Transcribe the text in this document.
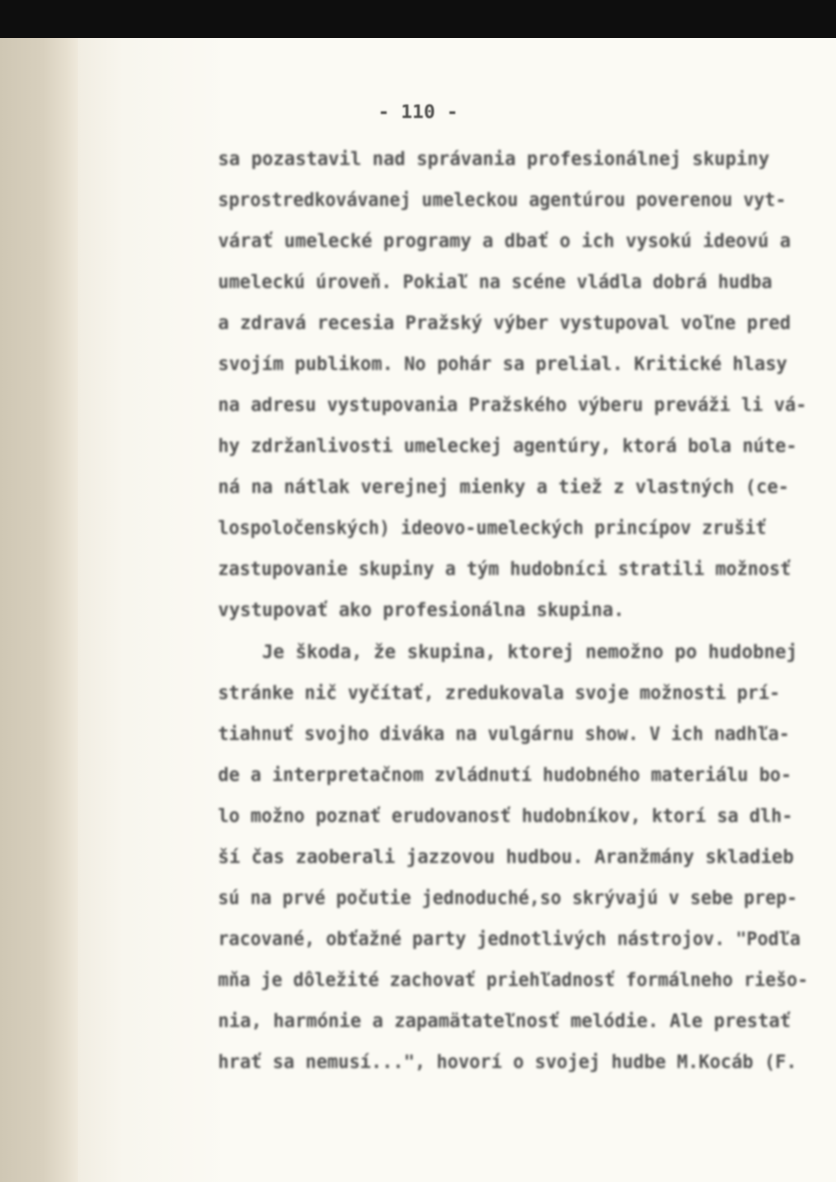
- 110 -
sa pozastavil nad správania profesionálnej skupiny
sprostredkovávanej umeleckou agentúrou poverenou vyt-
várať umelecké programy a dbať o ich vysokú ideovú a
umeleckú úroveň. Pokiaľ na scéne vládla dobrá hudba
a zdravá recesia Pražský výber vystupoval voľne pred
svojím publikom. No pohár sa prelial. Kritické hlasy
na adresu vystupovania Pražského výberu preváži li vá-
hy zdržanlivosti umeleckej agentúry, ktorá bola núte-
ná na nátlak verejnej mienky a tiež z vlastných (ce-
lospoločenských) ideovo-umeleckých princípov zrušiť
zastupovanie skupiny a tým hudobníci stratili možnosť
vystupovať ako profesionálna skupina.
Je škoda, že skupina, ktorej nemožno po hudobnej
stránke nič vyčítať, zredukovala svoje možnosti prí-
tiahnuť svojho diváka na vulgárnu show. V ich nadhľa-
de a interpretačnom zvládnutí hudobného materiálu bo-
lo možno poznať erudovanosť hudobníkov, ktorí sa dlh-
ší čas zaoberali jazzovou hudbou. Aranžmány skladieb
sú na prvé počutie jednoduché,so skrývajú v sebe prep-
racované, obťažné party jednotlivých nástrojov. "Podľa
mňa je dôležité zachovať priehľadnosť formálneho riešo-
nia, harmónie a zapamätateľnosť melódie. Ale prestať
hrať sa nemusí...", hovorí o svojej hudbe M.Kocáb (F.
